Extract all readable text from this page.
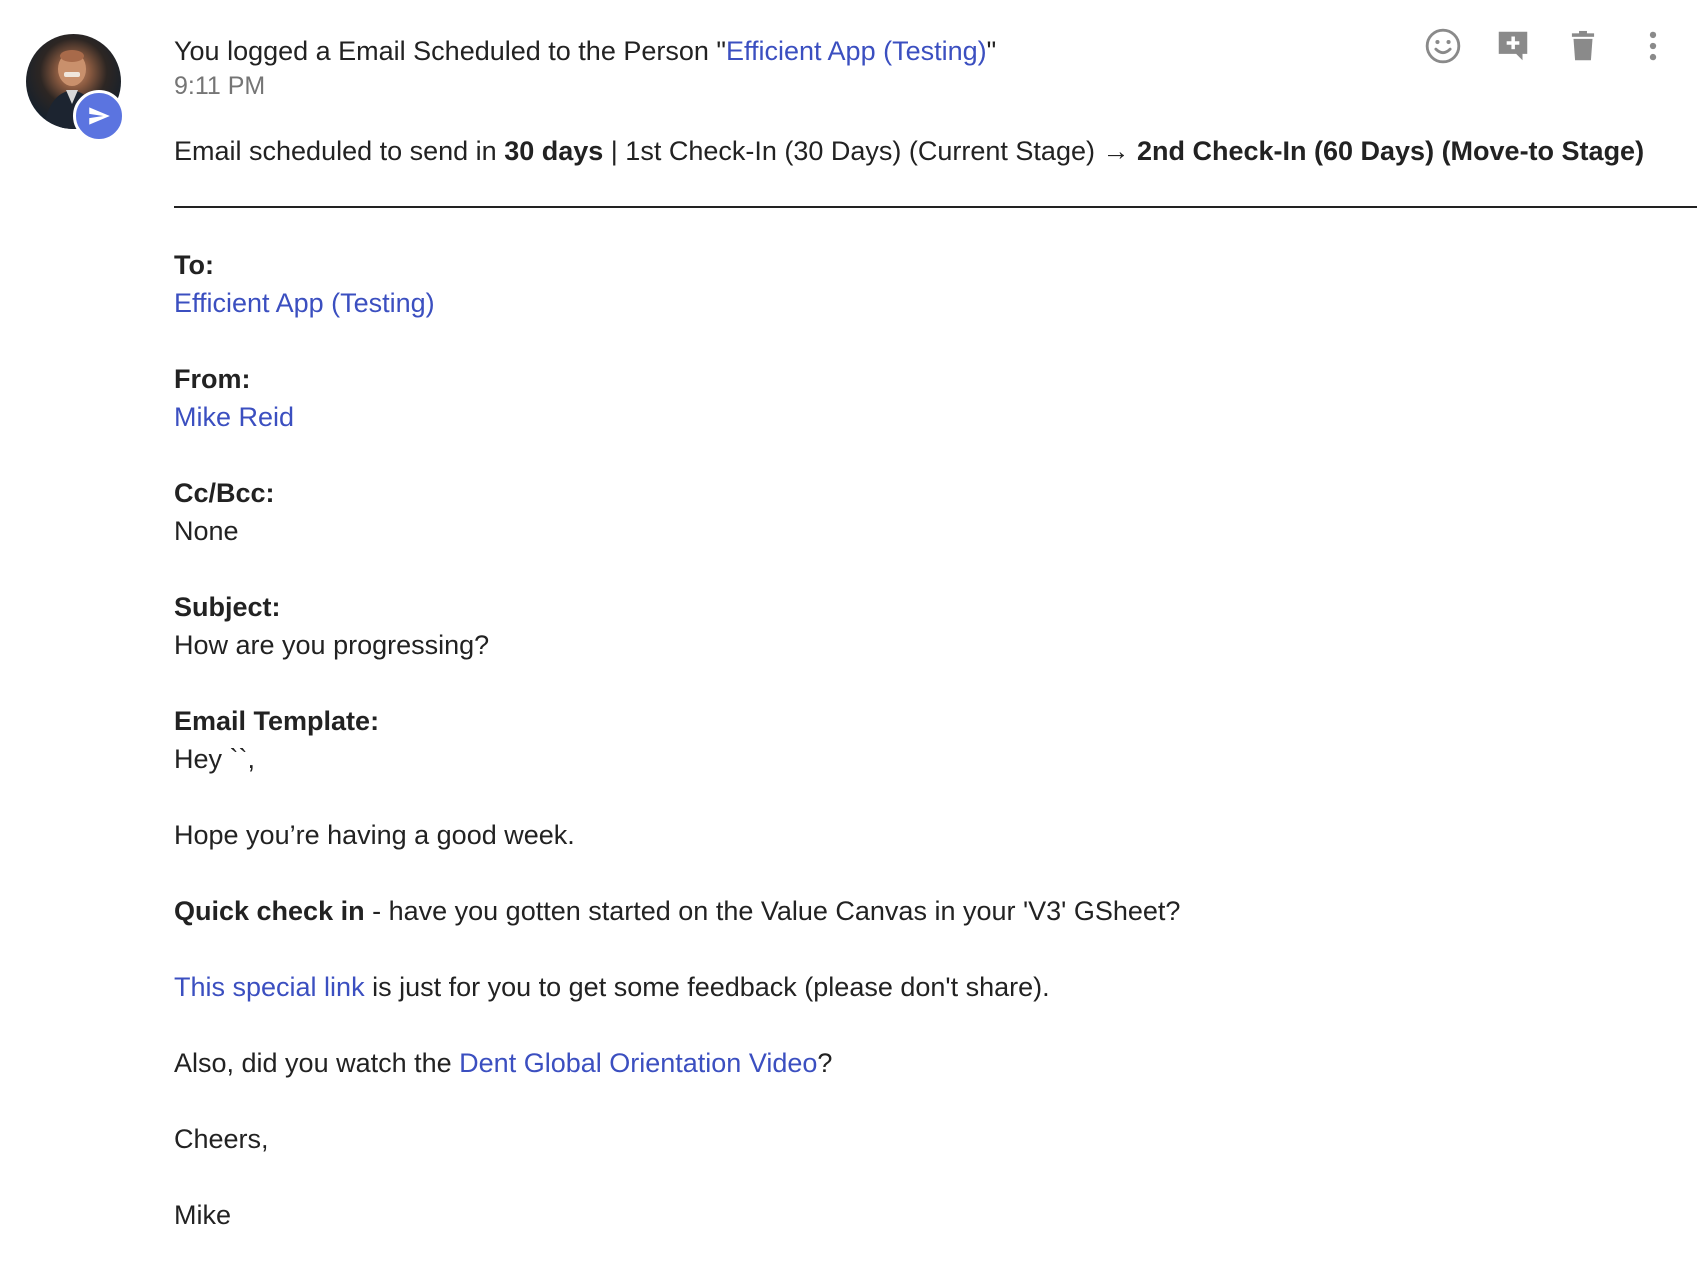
You logged a Email Scheduled to the Person "Efficient App (Testing)"
9:11 PM
Email scheduled to send in 30 days | 1st Check-In (30 Days) (Current Stage) → 2nd Check-In (60 Days) (Move-to Stage)
To:
Efficient App (Testing)
From:
Mike Reid
Cc/Bcc:
None
Subject:
How are you progressing?
Email Template:
Hey ``,
Hope you’re having a good week.
Quick check in - have you gotten started on the Value Canvas in your 'V3' GSheet?
This special link is just for you to get some feedback (please don't share).
Also, did you watch the Dent Global Orientation Video?
Cheers,
Mike
